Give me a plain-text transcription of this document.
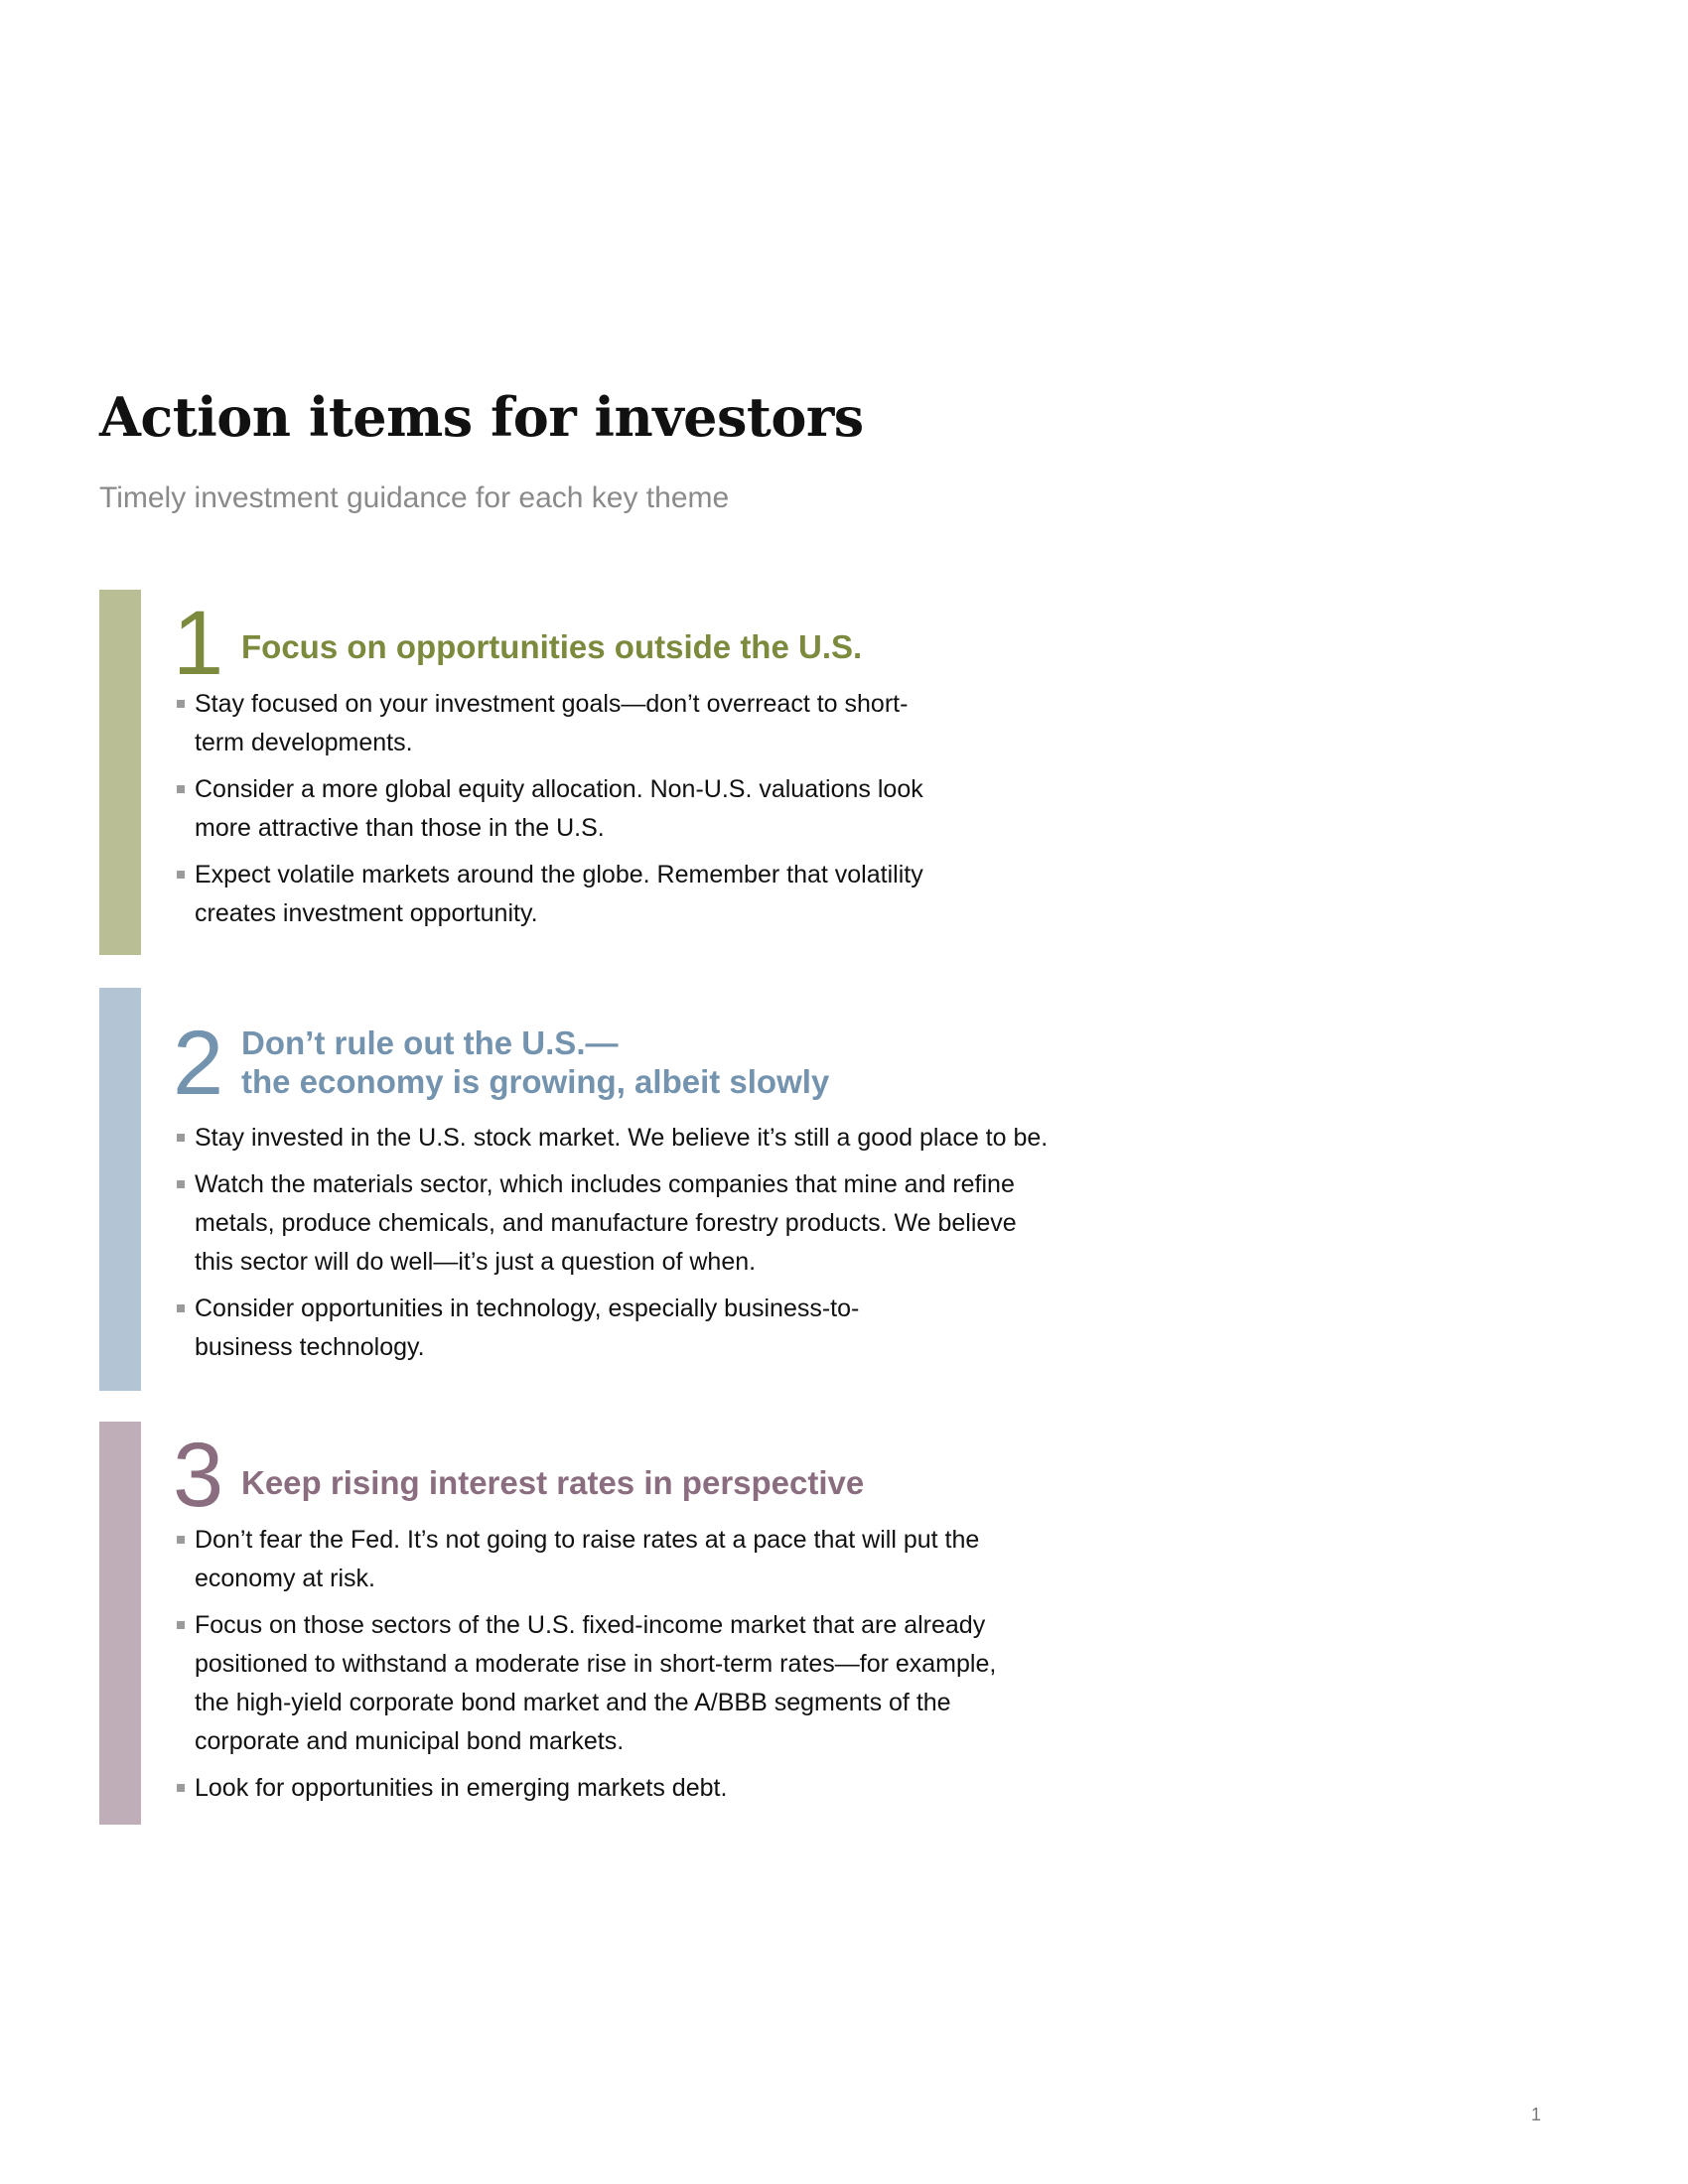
Action items for investors

Timely investment guidance for each key theme

1 Focus on opportunities outside the U.S.
Stay focused on your investment goals—don’t overreact to short-
term developments.
Consider a more global equity allocation. Non-U.S. valuations look
more attractive than those in the U.S.
Expect volatile markets around the globe. Remember that volatility
creates investment opportunity.
2 Don’t rule out the U.S.—
the economy is growing, albeit slowly
Stay invested in the U.S. stock market. We believe it’s still a good place to be.
Watch the materials sector, which includes companies that mine and refine
metals, produce chemicals, and manufacture forestry products. We believe
this sector will do well—it’s just a question of when.
Consider opportunities in technology, especially business-to-
business technology.
3 Keep rising interest rates in perspective
Don’t fear the Fed. It’s not going to raise rates at a pace that will put the
economy at risk.
Focus on those sectors of the U.S. fixed-income market that are already
positioned to withstand a moderate rise in short-term rates—for example,
the high-yield corporate bond market and the A/BBB segments of the
corporate and municipal bond markets.
Look for opportunities in emerging markets debt.
1
